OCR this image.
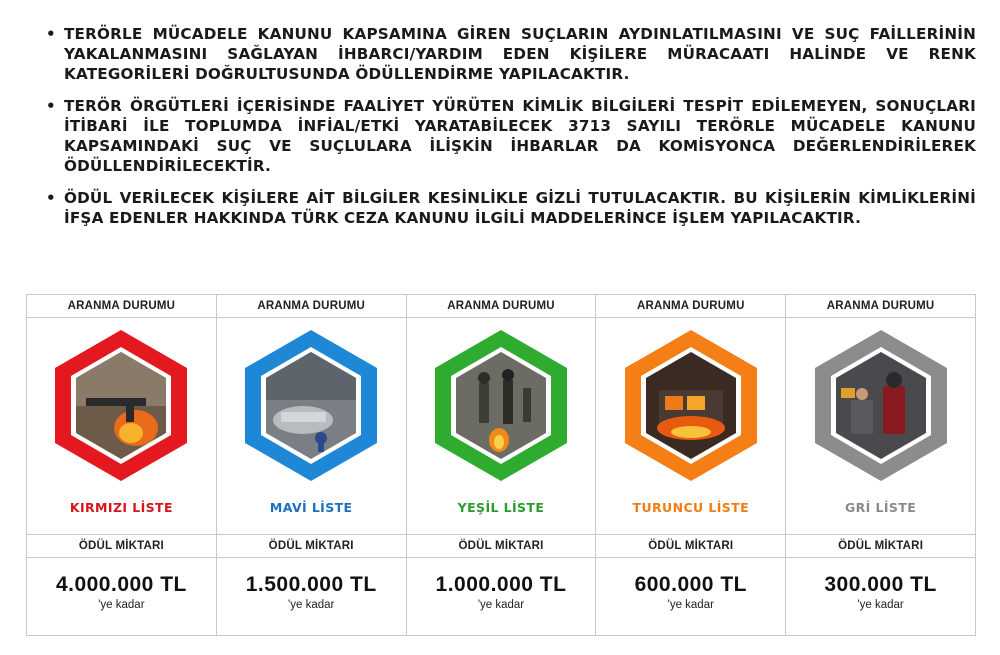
• TERÖRLE MÜCADELE KANUNU KAPSAMINA GİREN SUÇLARIN AYDINLATILMASINI VE SUÇ FAİLLERİNİN YAKALANMASINI SAĞLAYAN İHBARCI/YARDIM EDEN KİŞİLERE MÜRACAATI HALİNDE VE RENK KATEGORİLERİ DOĞRULTUSUNDA ÖDÜLLENDİRME YAPILACAKTIR.
• TERÖR ÖRGÜTLERİ İÇERİSİNDE FAALİYET YÜRÜTEN KİMLİK BİLGİLERİ TESPİT EDİLEMEYEN, SONUÇLARI İTİBARİ İLE TOPLUMDA İNFİAL/ETKİ YARATABİLECEK 3713 SAYILI TERÖRLE MÜCADELE KANUNU KAPSAMINDAKİ SUÇ VE SUÇLULARA İLİŞKİN İHBARLAR DA KOMİSYONCA DEĞERLENDİRİLEREK ÖDÜLLENDİRİLECEKTİR.
• ÖDÜL VERİLECEK KİŞİLERE AİT BİLGİLER KESİNLİKLE GİZLİ TUTULACAKTIR. BU KİŞİLERİN KİMLİKLERİNİ İFŞA EDENLER HAKKINDA TÜRK CEZA KANUNU İLGİLİ MADDELERİNCE İŞLEM YAPILACAKTIR.
ARANMA DURUMU
KIRMIZI LİSTE
ÖDÜL MİKTARI
4.000.000 TL
'ye kadar
ARANMA DURUMU
MAVİ LİSTE
ÖDÜL MİKTARI
1.500.000 TL
'ye kadar
ARANMA DURUMU
YEŞİL LİSTE
ÖDÜL MİKTARI
1.000.000 TL
'ye kadar
ARANMA DURUMU
TURUNCU LİSTE
ÖDÜL MİKTARI
600.000 TL
'ye kadar
ARANMA DURUMU
GRİ LİSTE
ÖDÜL MİKTARI
300.000 TL
'ye kadar
